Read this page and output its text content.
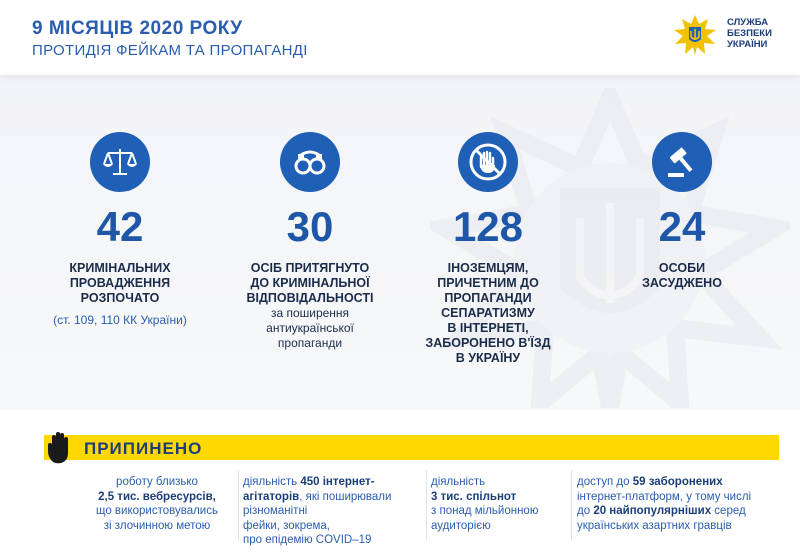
9 МІСЯЦІВ 2020 РОКУ
ПРОТИДІЯ ФЕЙКАМ ТА ПРОПАГАНДІ
СЛУЖБА
БЕЗПЕКИ
УКРАЇНИ
42
КРИМІНАЛЬНИХ
ПРОВАДЖЕННЯ
РОЗПОЧАТО
(ст. 109, 110 КК України)
30
ОСІБ ПРИТЯГНУТО
ДО КРИМІНАЛЬНОЇ
ВІДПОВІДАЛЬНОСТІ
за поширення
антиукраїнської
пропаганди
128
ІНОЗЕМЦЯМ,
ПРИЧЕТНИМ ДО
ПРОПАГАНДИ
СЕПАРАТИЗМУ
В ІНТЕРНЕТІ,
ЗАБОРОНЕНО В'ЇЗД
В УКРАЇНУ
24
ОСОБИ
ЗАСУДЖЕНО
ПРИПИНЕНО
роботу близько
2,5 тис. вебресурсів,
що використовувались
зі злочинною метою
діяльність 450 інтернет-
агітаторів, які поширювали
різноманітні
фейки, зокрема,
про епідемію COVID–19
діяльність
3 тис. спільнот
з понад мільйонною
аудиторією
доступ до 59 заборонених
інтернет-платформ, у тому числі
до 20 найпопулярніших серед
українських азартних гравців
